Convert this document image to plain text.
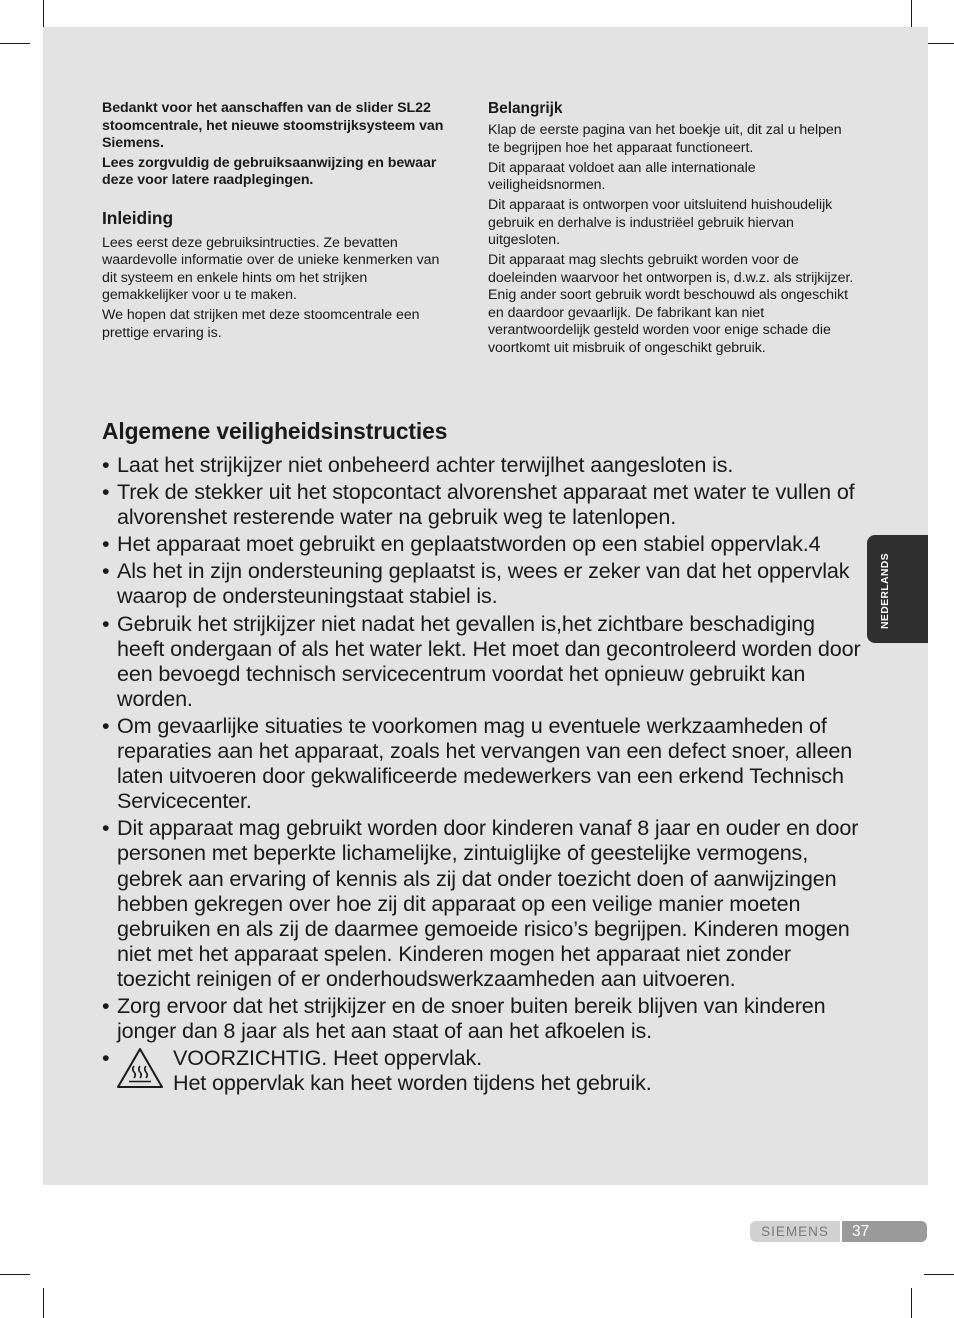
Bedankt voor het aanschaffen van de slider SL22 stoomcentrale, het nieuwe stoomstrijksysteem van Siemens.

Lees zorgvuldig de gebruiksaanwijzing en bewaar deze voor latere raadplegingen.

Inleiding

Lees eerst deze gebruiksintructies. Ze bevatten waardevolle informatie over de unieke kenmerken van dit systeem en enkele hints om het strijken gemakkelijker voor u te maken.

We hopen dat strijken met deze stoomcentrale een prettige ervaring is.

Belangrijk

Klap de eerste pagina van het boekje uit, dit zal u helpen te begrijpen hoe het apparaat functioneert.

Dit apparaat voldoet aan alle internationale veiligheidsnormen.

Dit apparaat is ontworpen voor uitsluitend huishoudelijk gebruik en derhalve is industriëel gebruik hiervan uitgesloten.

Dit apparaat mag slechts gebruikt worden voor de doeleinden waarvoor het ontworpen is, d.w.z. als strijkijzer. Enig ander soort gebruik wordt beschouwd als ongeschikt en daardoor gevaarlijk. De fabrikant kan niet verantwoordelijk gesteld worden voor enige schade die voortkomt uit misbruik of ongeschikt gebruik.

Algemene veiligheidsinstructies
• Laat het strijkijzer niet onbeheerd achter terwijlhet aangesloten is.
• Trek de stekker uit het stopcontact alvorenshet apparaat met water te vullen of alvorenshet resterende water na gebruik weg te latenlopen.
• Het apparaat moet gebruikt en geplaatstworden op een stabiel oppervlak.4
• Als het in zijn ondersteuning geplaatst is, wees er zeker van dat het oppervlak waarop de ondersteuningstaat stabiel is.
• Gebruik het strijkijzer niet nadat het gevallen is,het zichtbare beschadiging heeft ondergaan of als het water lekt. Het moet dan gecontroleerd worden door een bevoegd technisch servicecentrum voordat het opnieuw gebruikt kan worden.
• Om gevaarlijke situaties te voorkomen mag u eventuele werkzaamheden of reparaties aan het apparaat, zoals het vervangen van een defect snoer, alleen laten uitvoeren door gekwalificeerde medewerkers van een erkend Technisch Servicecenter.
• Dit apparaat mag gebruikt worden door kinderen vanaf 8 jaar en ouder en door personen met beperkte lichamelijke, zintuiglijke of geestelijke vermogens, gebrek aan ervaring of kennis als zij dat onder toezicht doen of aanwijzingen hebben gekregen over hoe zij dit apparaat op een veilige manier moeten gebruiken en als zij de daarmee gemoeide risico’s begrijpen. Kinderen mogen niet met het apparaat spelen. Kinderen mogen het apparaat niet zonder toezicht reinigen of er onderhoudswerkzaamheden aan uitvoeren.
• Zorg ervoor dat het strijkijzer en de snoer buiten bereik blijven van kinderen jonger dan 8 jaar als het aan staat of aan het afkoelen is.
•	VOORZICHTIG. Heet oppervlak.
Het oppervlak kan heet worden tijdens het gebruik.
NEDERLANDS
SIEMENS	37
